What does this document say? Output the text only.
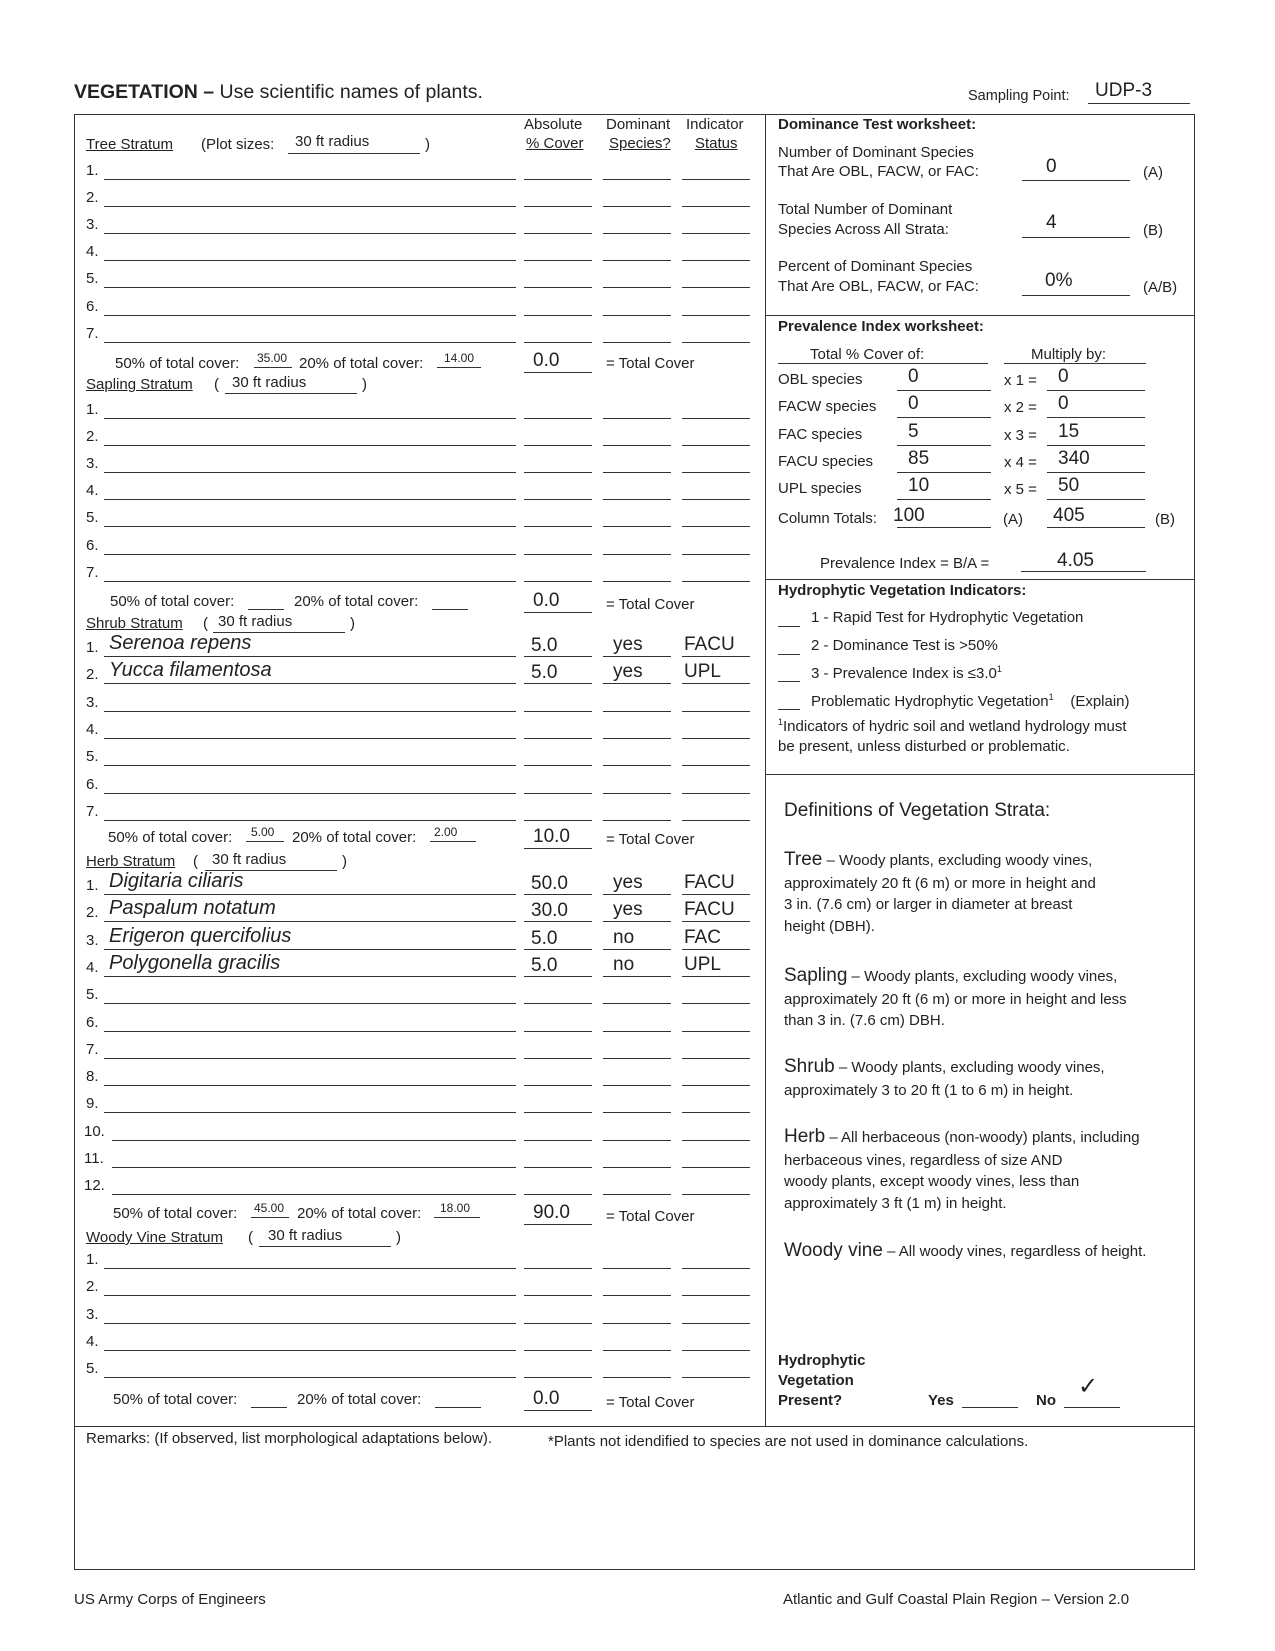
VEGETATION – Use scientific names of plants.	Sampling Point: UDP-3
Absolute
% Cover
Dominant
Species?
Indicator
Status
Tree Stratum (Plot sizes: 30 ft radius	)
1.
2.
3.
4.
5.
6.
7.
50% of total cover: 35.00 20% of total cover: 14.00	0.0	= Total Cover
Sapling Stratum ( 30 ft radius	)
1.
2.
3.
4.
5.
6.
7.
50% of total cover:	20% of total cover:	0.0	= Total Cover
Shrub Stratum ( 30 ft radius	)
1. Serenoa repens	5.0	yes FACU
2. Yucca filamentosa	5.0	yes UPL
3.
4.
5.
6.
7.
50% of total cover: 5.00 20% of total cover: 2.00	10.0 = Total Cover
Herb Stratum ( 30 ft radius	)
1. Digitaria ciliaris	50.0 yes FACU
2. Paspalum notatum	30.0 yes FACU
3. Erigeron quercifolius	5.0	no	FAC
4. Polygonella gracilis	5.0	no	UPL
5.
6.
7.
8.
9.
10.
11.
12.
50% of total cover: 45.00 20% of total cover: 18.00	90.0 = Total Cover
Woody Vine Stratum ( 30 ft radius	)
1.
2.
3.
4.
5.
50% of total cover:	20% of total cover:	0.0	= Total Cover
Dominance Test worksheet:
Number of Dominant Species
That Are OBL, FACW, or FAC:	0	(A)
Total Number of Dominant
Species Across All Strata:	4	(B)
Percent of Dominant Species
That Are OBL, FACW, or FAC:	0%	(A/B)
Prevalence Index worksheet:
Total % Cover of:	Multiply by:
OBL species 0	x 1 = 0
FACW species 0	x 2 = 0
FAC species 5	x 3 = 15
FACU species 85	x 4 = 340
UPL species 10	x 5 = 50
Column Totals: 100	(A) 405	(B)
Prevalence Index = B/A =	4.05
Hydrophytic Vegetation Indicators:
1 - Rapid Test for Hydrophytic Vegetation
2 - Dominance Test is >50%
3 - Prevalence Index is $\le 3.0^1$
Problematic Hydrophytic Vegetation$^1$ (Explain)
$^1$Indicators of hydric soil and wetland hydrology must
be present, unless disturbed or problematic.
Definitions of Vegetation Strata:
Tree – Woody plants, excluding woody vines,
approximately 20 ft (6 m) or more in height and
3 in. (7.6 cm) or larger in diameter at breast
height (DBH).
Sapling – Woody plants, excluding woody vines,
approximately 20 ft (6 m) or more in height and less
than 3 in. (7.6 cm) DBH.
Shrub – Woody plants, excluding woody vines,
approximately 3 to 20 ft (1 to 6 m) in height.
Herb – All herbaceous (non-woody) plants, including
herbaceous vines, regardless of size AND
woody plants, except woody vines, less than
approximately 3 ft (1 m) in height.
Woody vine – All woody vines, regardless of height.
Hydrophytic
Vegetation
Present?	Yes	No
✓
Remarks: (If observed, list morphological adaptations below).	*Plants not idendified to species are not used in dominance calculations.
US Army Corps of Engineers	Atlantic and Gulf Coastal Plain Region – Version 2.0
